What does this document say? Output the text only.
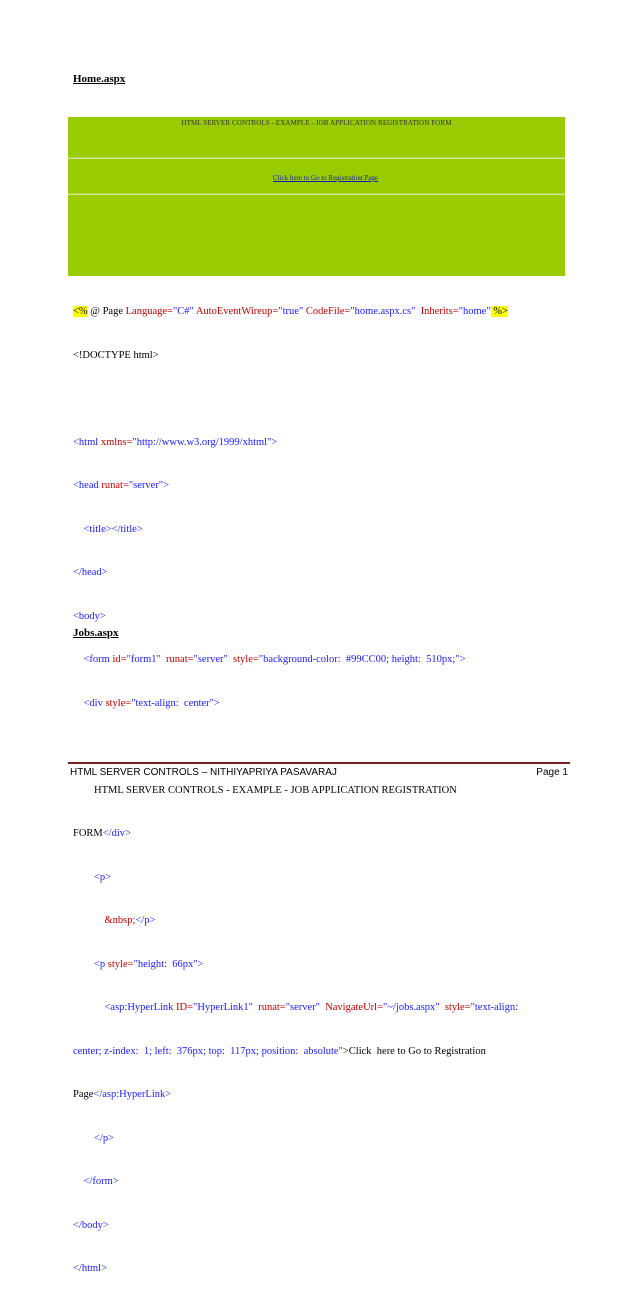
Home.aspx
HTML SERVER CONTROLS - EXAMPLE - JOB APPLICATION REGISTRATION FORM
Click here to Go to Registration Page

<% @ Page Language="C#" AutoEventWireup="true" CodeFile="home.aspx.cs"  Inherits="home" %>

<!DOCTYPE html>

<html xmlns="http://www.w3.org/1999/xhtml">

<head runat="server">

<title></title>

</head>

<body>

<form id="form1"  runat="server"  style="background-color:  #99CC00; height:  510px;">

<div style="text-align:  center">

HTML SERVER CONTROLS - EXAMPLE - JOB APPLICATION REGISTRATION

FORM</div>

<p>

&nbsp;</p>

<p style="height:  66px">

<asp:HyperLink ID="HyperLink1"  runat="server"  NavigateUrl="~/jobs.aspx"  style="text-align:

center; z-index:  1; left:  376px; top:  117px; position:  absolute">Click  here to Go to Registration

Page</asp:HyperLink>

</p>

</form>

</body>

</html>

Jobs.aspx
HTML SERVER CONTROLS – NITHIYAPRIYA PASAVARAJ	Page 1
